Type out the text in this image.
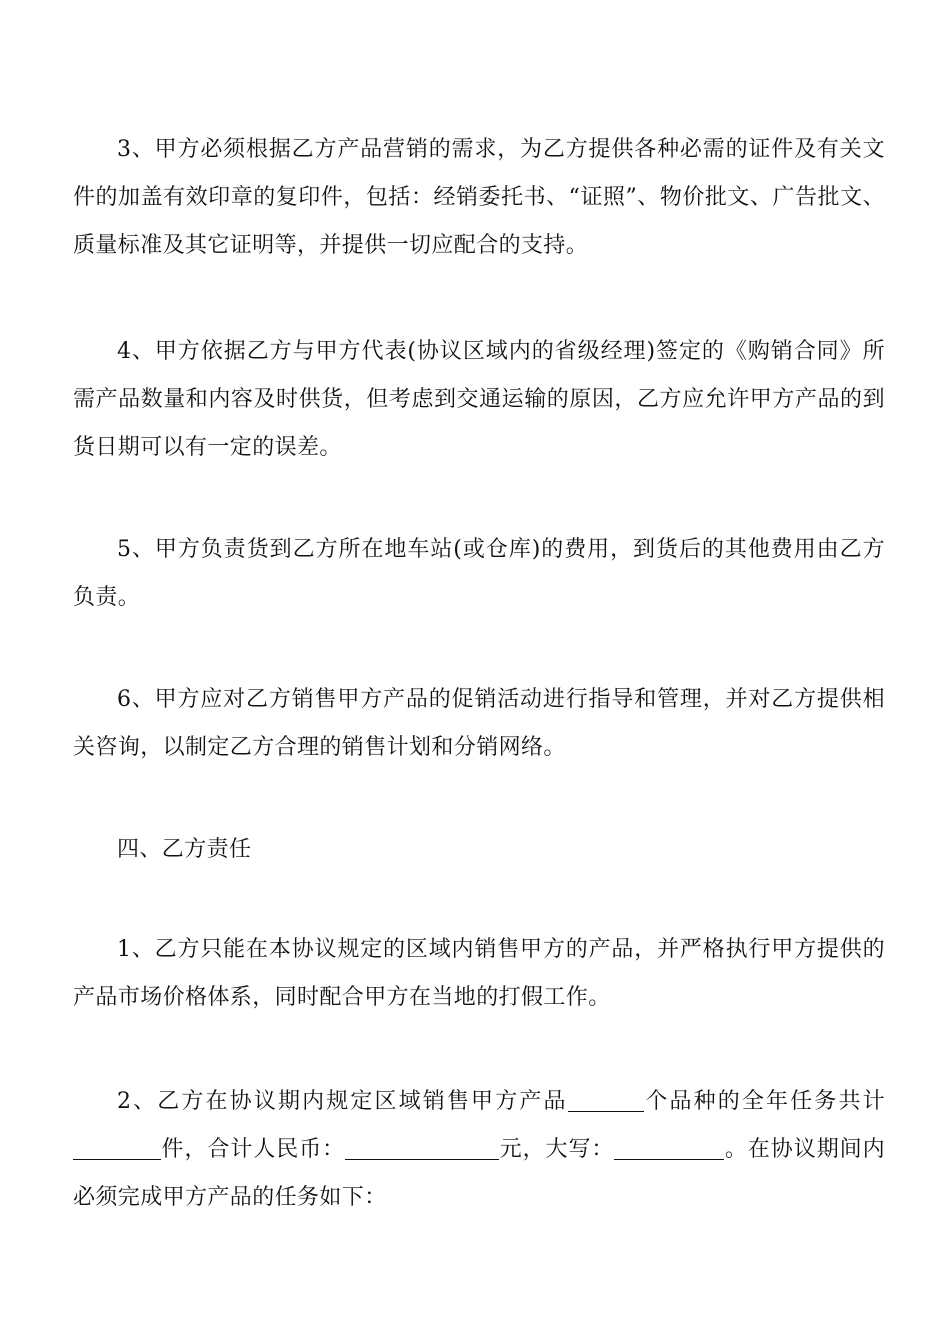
3、甲方必须根据乙方产品营销的需求，为乙方提供各种必需的证件及有关文件的加盖有效印章的复印件，包括：经销委托书、“证照”、物价批文、广告批文、质量标准及其它证明等，并提供一切应配合的支持。

4、甲方依据乙方与甲方代表(协议区域内的省级经理)签定的《购销合同》所需产品数量和内容及时供货，但考虑到交通运输的原因，乙方应允许甲方产品的到货日期可以有一定的误差。

5、甲方负责货到乙方所在地车站(或仓库)的费用，到货后的其他费用由乙方负责。

6、甲方应对乙方销售甲方产品的促销活动进行指导和管理，并对乙方提供相关咨询，以制定乙方合理的销售计划和分销网络。

四、乙方责任

1、乙方只能在本协议规定的区域内销售甲方的产品，并严格执行甲方提供的产品市场价格体系，同时配合甲方在当地的打假工作。

2、乙方在协议期内规定区域销售甲方产品	个品种的全年任务共计件，合计人民币：	元，大写：	。在协议期间内必须完成甲方产品的任务如下：
